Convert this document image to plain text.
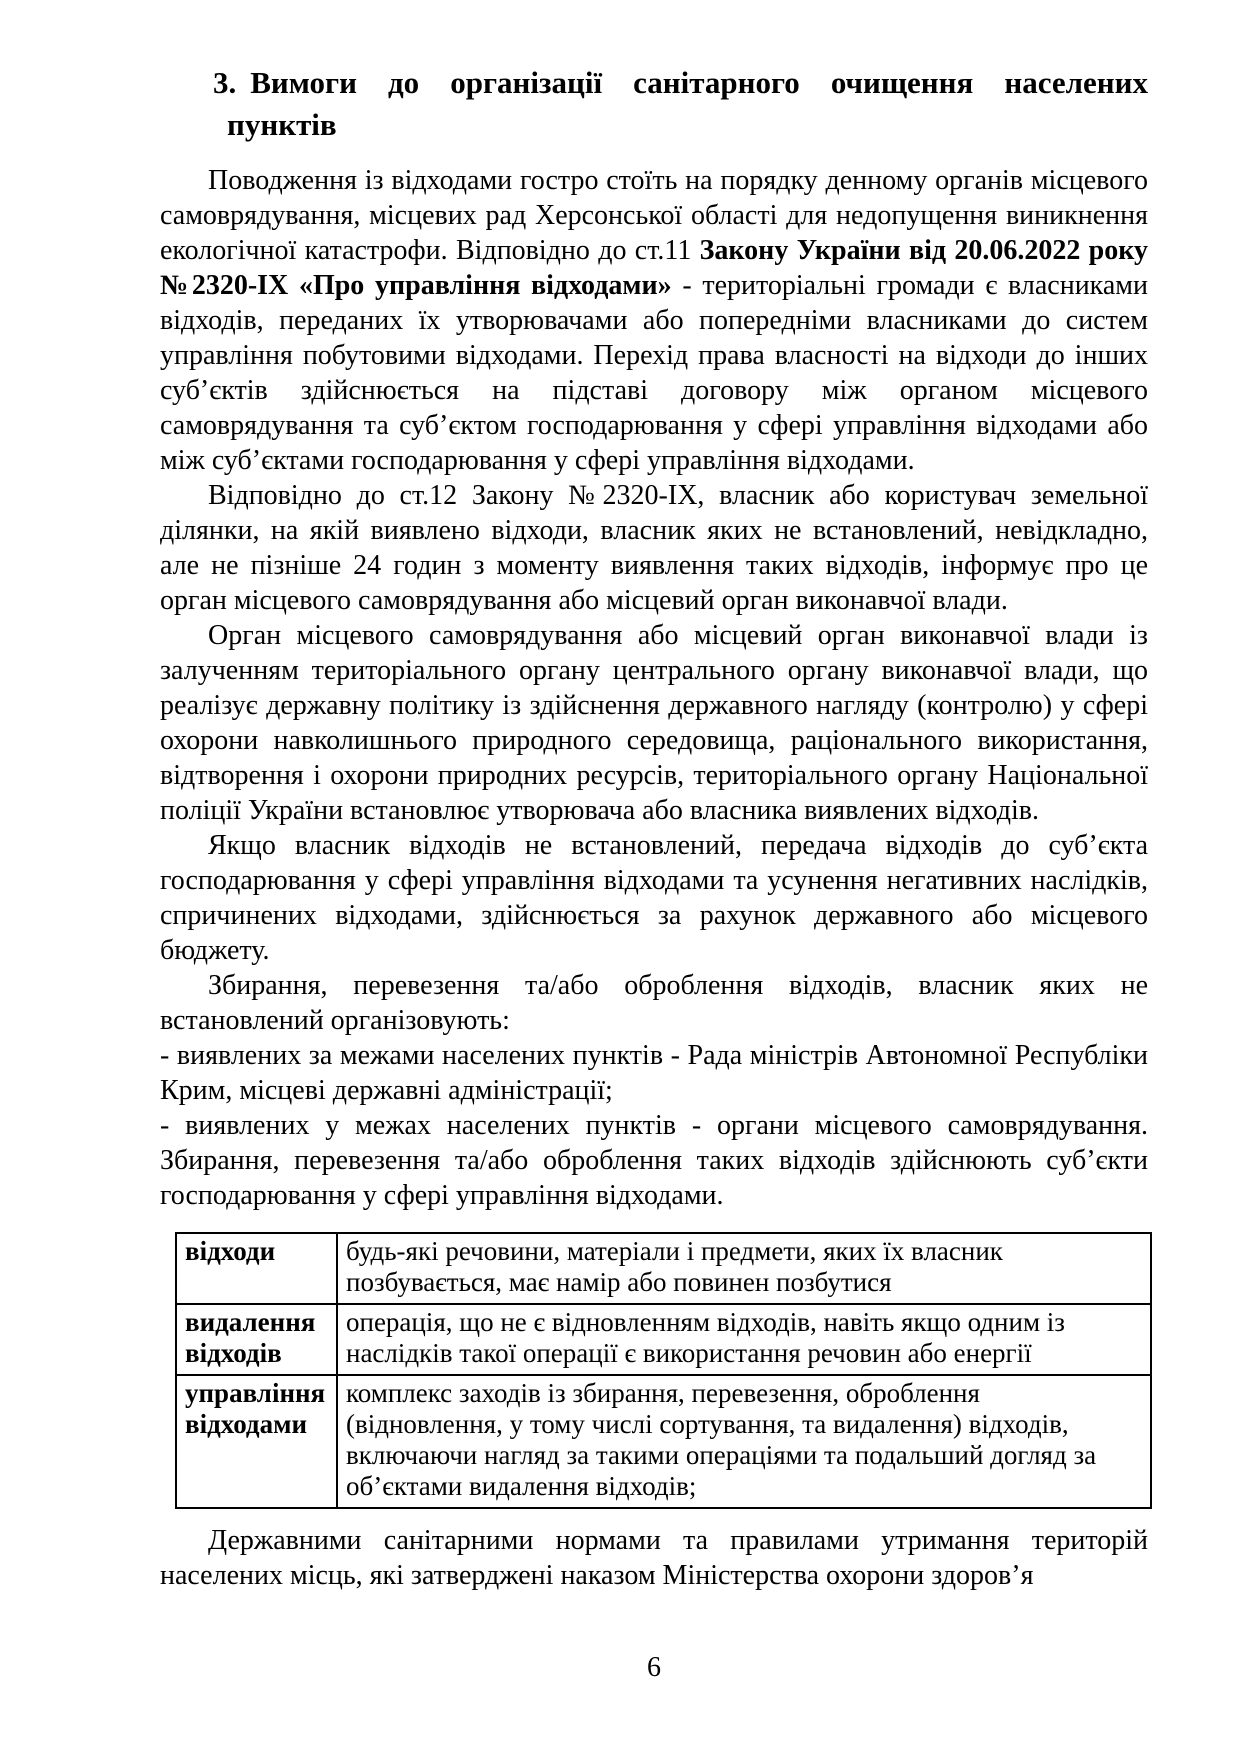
3. Вимоги до організації санітарного очищення населених пунктів

Поводження із відходами гостро стоїть на порядку денному органів місцевого самоврядування, місцевих рад Херсонської області для недопущення виникнення екологічної катастрофи. Відповідно до ст.11 Закону України від 20.06.2022 року №2320-ІХ «Про управління відходами» - територіальні громади є власниками відходів, переданих їх утворювачами або попередніми власниками до систем управління побутовими відходами. Перехід права власності на відходи до інших суб’єктів здійснюється на підставі договору між органом місцевого самоврядування та суб’єктом господарювання у сфері управління відходами або між суб’єктами господарювання у сфері управління відходами.

Відповідно до ст.12 Закону №2320-ІХ, власник або користувач земельної ділянки, на якій виявлено відходи, власник яких не встановлений, невідкладно, але не пізніше 24 годин з моменту виявлення таких відходів, інформує про це орган місцевого самоврядування або місцевий орган виконавчої влади.

Орган місцевого самоврядування або місцевий орган виконавчої влади із залученням територіального органу центрального органу виконавчої влади, що реалізує державну політику із здійснення державного нагляду (контролю) у сфері охорони навколишнього природного середовища, раціонального використання, відтворення і охорони природних ресурсів, територіального органу Національної поліції України встановлює утворювача або власника виявлених відходів.

Якщо власник відходів не встановлений, передача відходів до суб’єкта господарювання у сфері управління відходами та усунення негативних наслідків, спричинених відходами, здійснюється за рахунок державного або місцевого бюджету.

Збирання, перевезення та/або оброблення відходів, власник яких не встановлений організовують:

- виявлених за межами населених пунктів - Рада міністрів Автономної Республіки Крим, місцеві державні адміністрації;

- виявлених у межах населених пунктів - органи місцевого самоврядування. Збирання, перевезення та/або оброблення таких відходів здійснюють суб’єкти господарювання у сфері управління відходами.

відходи	будь-які речовини, матеріали і предмети, яких їх власник позбувається, має намір або повинен позбутися
видалення відходів	операція, що не є відновленням відходів, навіть якщо одним із наслідків такої операції є використання речовин або енергії
управління відходами	комплекс заходів із збирання, перевезення, оброблення (відновлення, у тому числі сортування, та видалення) відходів, включаючи нагляд за такими операціями та подальший догляд за об’єктами видалення відходів;

Державними санітарними нормами та правилами утримання територій населених місць, які затверджені наказом Міністерства охорони здоров’я

6
